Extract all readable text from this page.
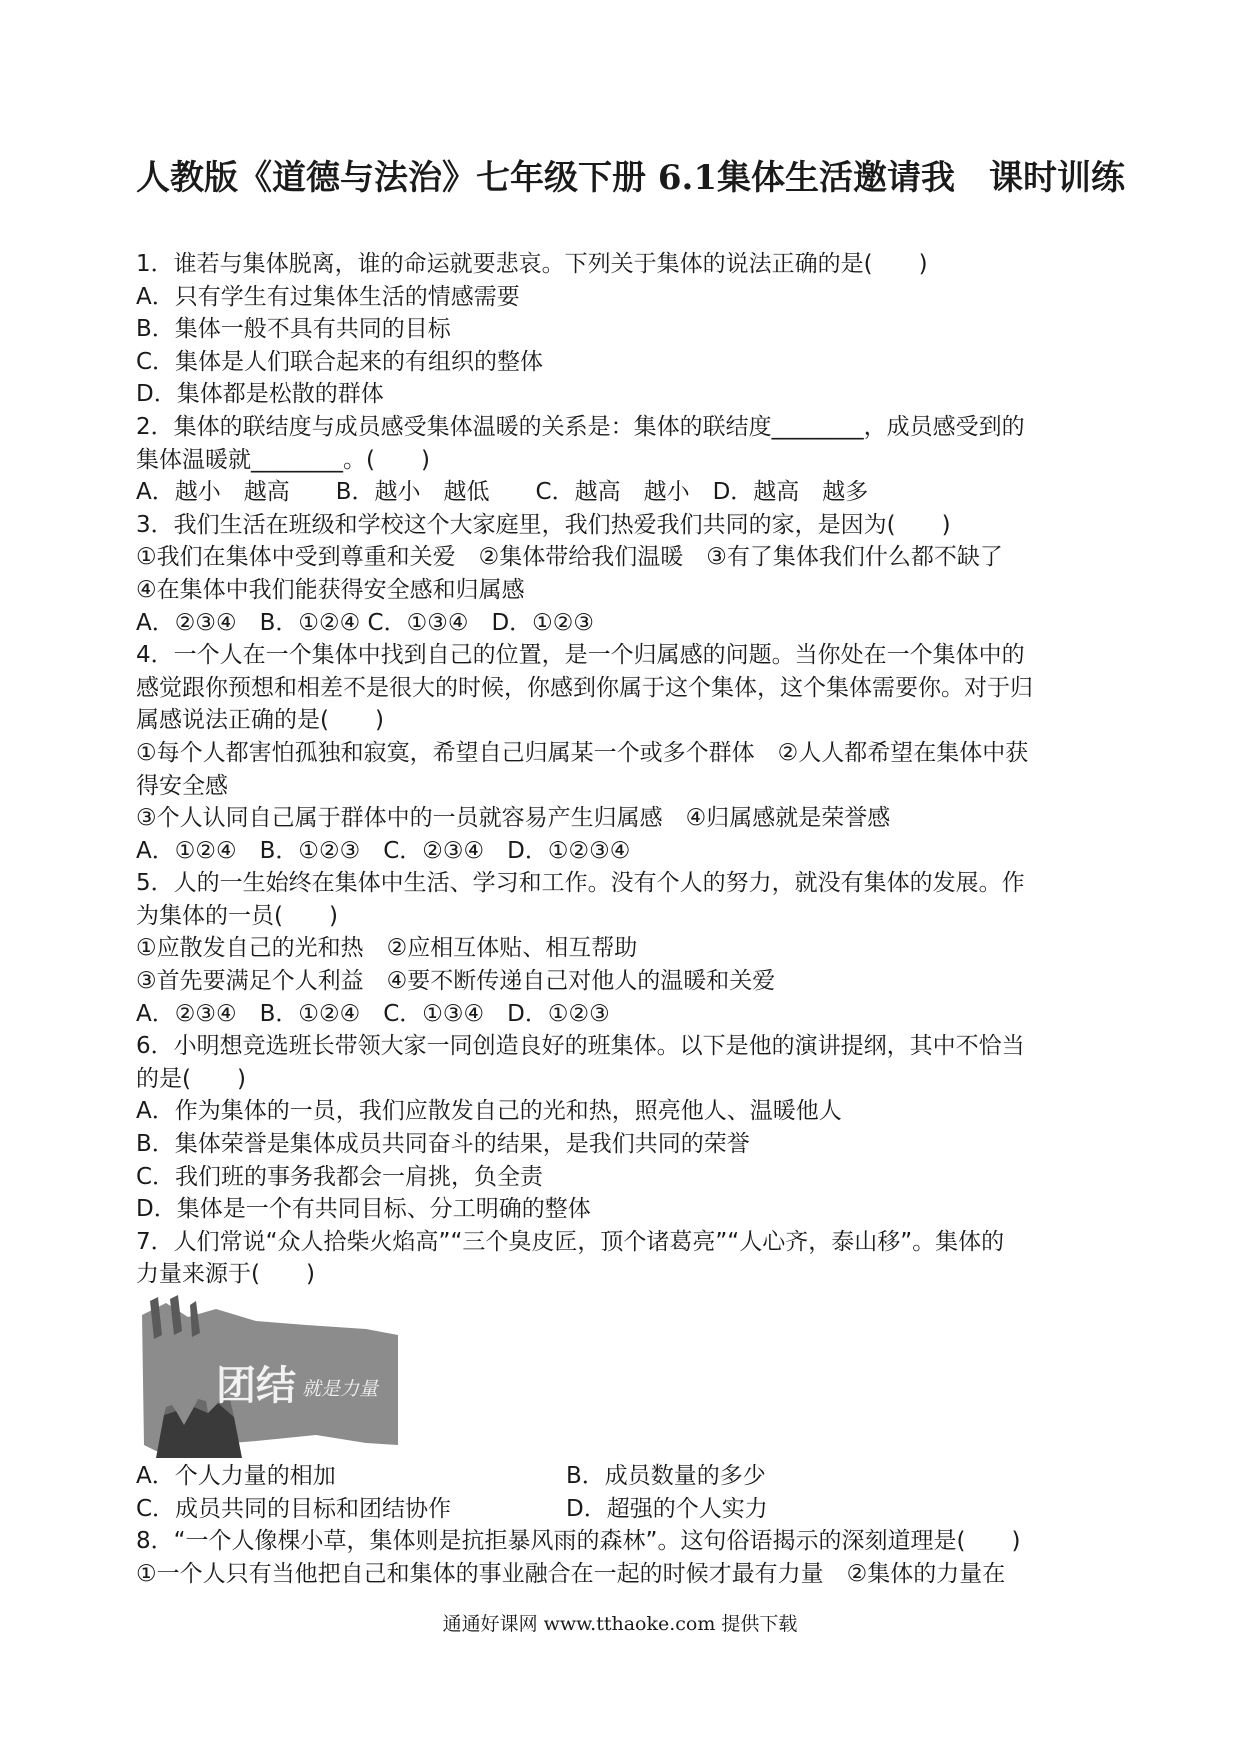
人教版《道德与法治》七年级下册 6.1集体生活邀请我　课时训练
1．谁若与集体脱离，谁的命运就要悲哀。下列关于集体的说法正确的是(　　)
A．只有学生有过集体生活的情感需要
B．集体一般不具有共同的目标
C．集体是人们联合起来的有组织的整体
D．集体都是松散的群体
2．集体的联结度与成员感受集体温暖的关系是：集体的联结度________，成员感受到的
集体温暖就________。(　　)
A．越小　越高　　B．越小　越低　　C．越高　越小　D．越高　越多
3．我们生活在班级和学校这个大家庭里，我们热爱我们共同的家，是因为(　　)
①我们在集体中受到尊重和关爱　②集体带给我们温暖　③有了集体我们什么都不缺了
④在集体中我们能获得安全感和归属感
A．②③④　B．①②④ C．①③④　D．①②③
4．一个人在一个集体中找到自己的位置，是一个归属感的问题。当你处在一个集体中的
感觉跟你预想和相差不是很大的时候，你感到你属于这个集体，这个集体需要你。对于归
属感说法正确的是(　　)
①每个人都害怕孤独和寂寞，希望自己归属某一个或多个群体　②人人都希望在集体中获
得安全感
③个人认同自己属于群体中的一员就容易产生归属感　④归属感就是荣誉感
A．①②④　B．①②③　C．②③④　D．①②③④
5．人的一生始终在集体中生活、学习和工作。没有个人的努力，就没有集体的发展。作
为集体的一员(　　)
①应散发自己的光和热　②应相互体贴、相互帮助
③首先要满足个人利益　④要不断传递自己对他人的温暖和关爱
A．②③④　B．①②④　C．①③④　D．①②③
6．小明想竞选班长带领大家一同创造良好的班集体。以下是他的演讲提纲，其中不恰当
的是(　　)
A．作为集体的一员，我们应散发自己的光和热，照亮他人、温暖他人
B．集体荣誉是集体成员共同奋斗的结果，是我们共同的荣誉
C．我们班的事务我都会一肩挑，负全责
D．集体是一个有共同目标、分工明确的整体
7．人们常说“众人拾柴火焰高”“三个臭皮匠，顶个诸葛亮”“人心齐，泰山移”。集体的
力量来源于(　　)
团结 就是力量
A．个人力量的相加	B．成员数量的多少
C．成员共同的目标和团结协作	D．超强的个人实力
8．“一个人像棵小草，集体则是抗拒暴风雨的森林”。这句俗语揭示的深刻道理是(　　)
①一个人只有当他把自己和集体的事业融合在一起的时候才最有力量　②集体的力量在
通通好课网 www.tthaoke.com 提供下载
